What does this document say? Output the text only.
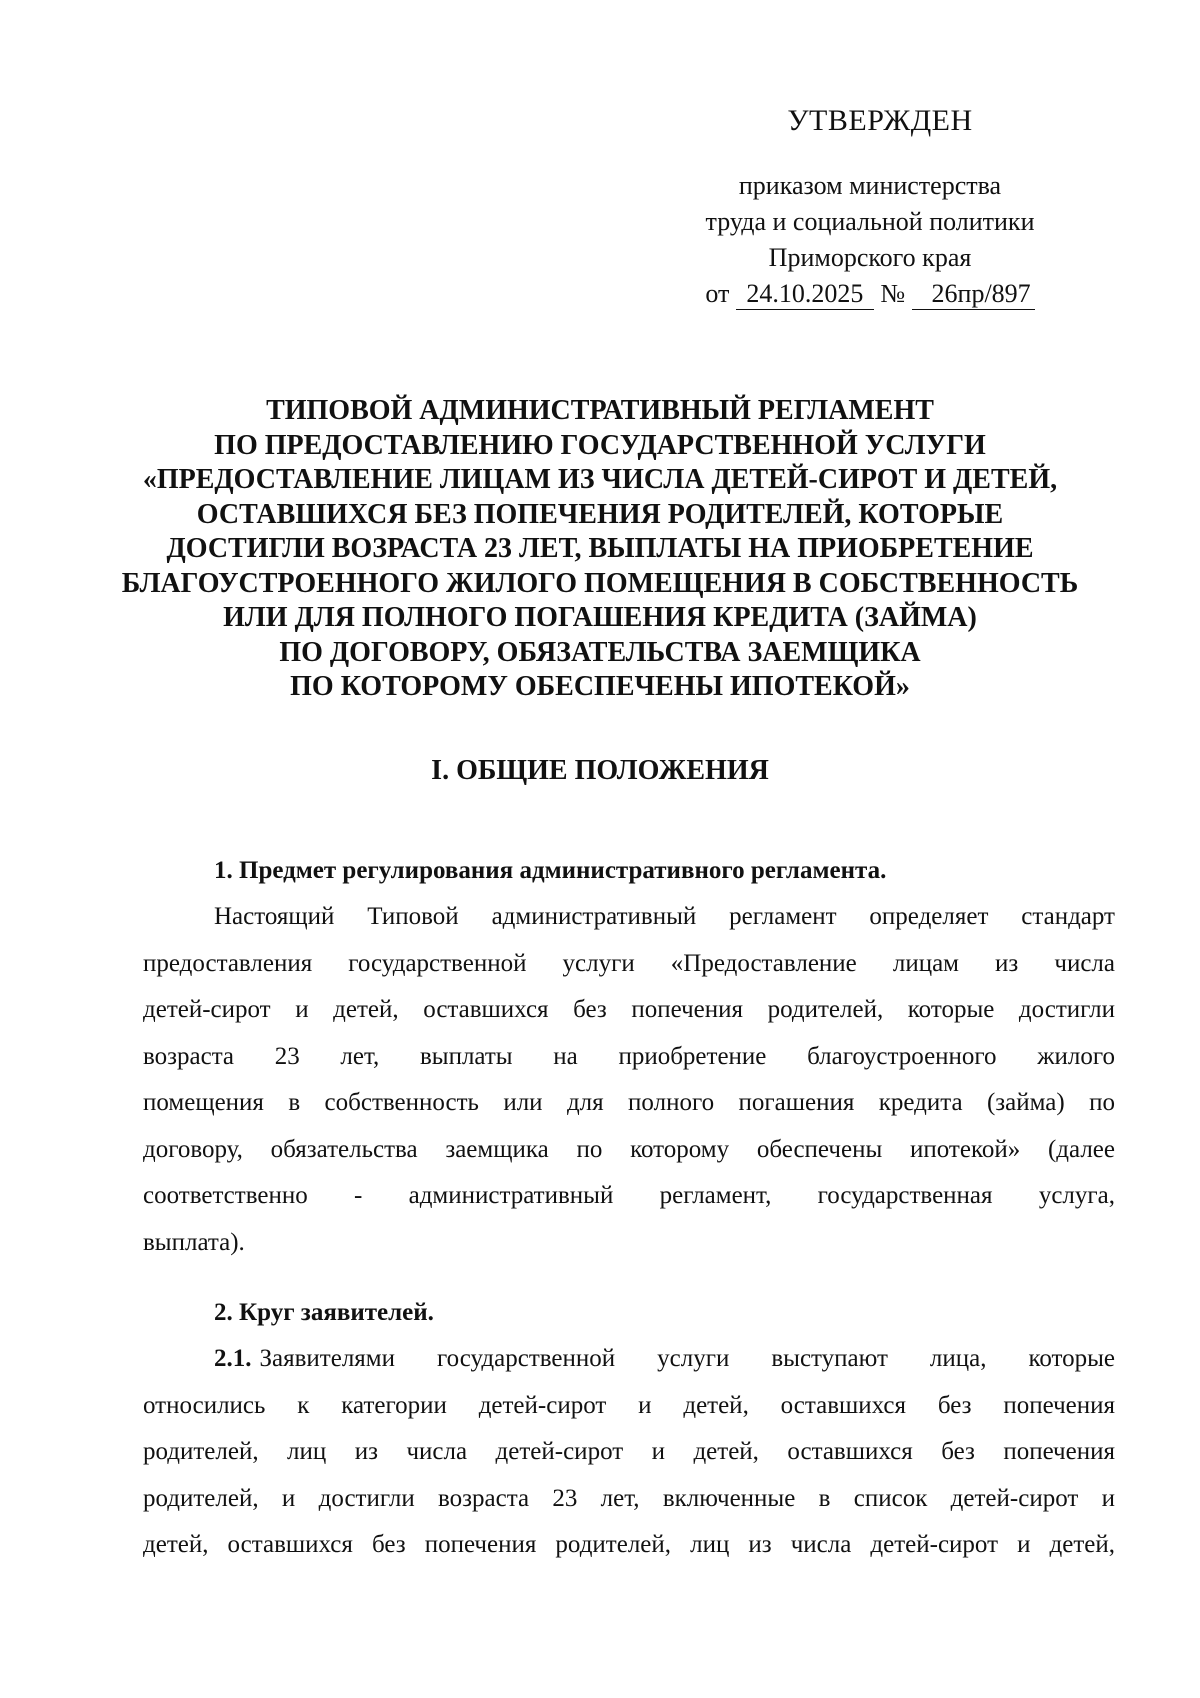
УТВЕРЖДЕН
приказом министерства
труда и социальной политики
Приморского края
от 24.10.2025 № 26пр/897
ТИПОВОЙ АДМИНИСТРАТИВНЫЙ РЕГЛАМЕНТ
ПО ПРЕДОСТАВЛЕНИЮ ГОСУДАРСТВЕННОЙ УСЛУГИ
«ПРЕДОСТАВЛЕНИЕ ЛИЦАМ ИЗ ЧИСЛА ДЕТЕЙ-СИРОТ И ДЕТЕЙ,
ОСТАВШИХСЯ БЕЗ ПОПЕЧЕНИЯ РОДИТЕЛЕЙ, КОТОРЫЕ
ДОСТИГЛИ ВОЗРАСТА 23 ЛЕТ, ВЫПЛАТЫ НА ПРИОБРЕТЕНИЕ
БЛАГОУСТРОЕННОГО ЖИЛОГО ПОМЕЩЕНИЯ В СОБСТВЕННОСТЬ
ИЛИ ДЛЯ ПОЛНОГО ПОГАШЕНИЯ КРЕДИТА (ЗАЙМА)
ПО ДОГОВОРУ, ОБЯЗАТЕЛЬСТВА ЗАЕМЩИКА
ПО КОТОРОМУ ОБЕСПЕЧЕНЫ ИПОТЕКОЙ»
I. ОБЩИЕ ПОЛОЖЕНИЯ
1. Предмет регулирования административного регламента.
Настоящий Типовой административный регламент определяет стандарт
предоставления государственной услуги «Предоставление лицам из числа
детей-сирот и детей, оставшихся без попечения родителей, которые достигли
возраста 23 лет, выплаты на приобретение благоустроенного жилого
помещения в собственность или для полного погашения кредита (займа) по
договору, обязательства заемщика по которому обеспечены ипотекой» (далее
соответственно - административный регламент, государственная услуга,
выплата).
2. Круг заявителей.
2.1. Заявителями государственной услуги выступают лица, которые
относились к категории детей-сирот и детей, оставшихся без попечения
родителей, лиц из числа детей-сирот и детей, оставшихся без попечения
родителей, и достигли возраста 23 лет, включенные в список детей-сирот и
детей, оставшихся без попечения родителей, лиц из числа детей-сирот и детей,
